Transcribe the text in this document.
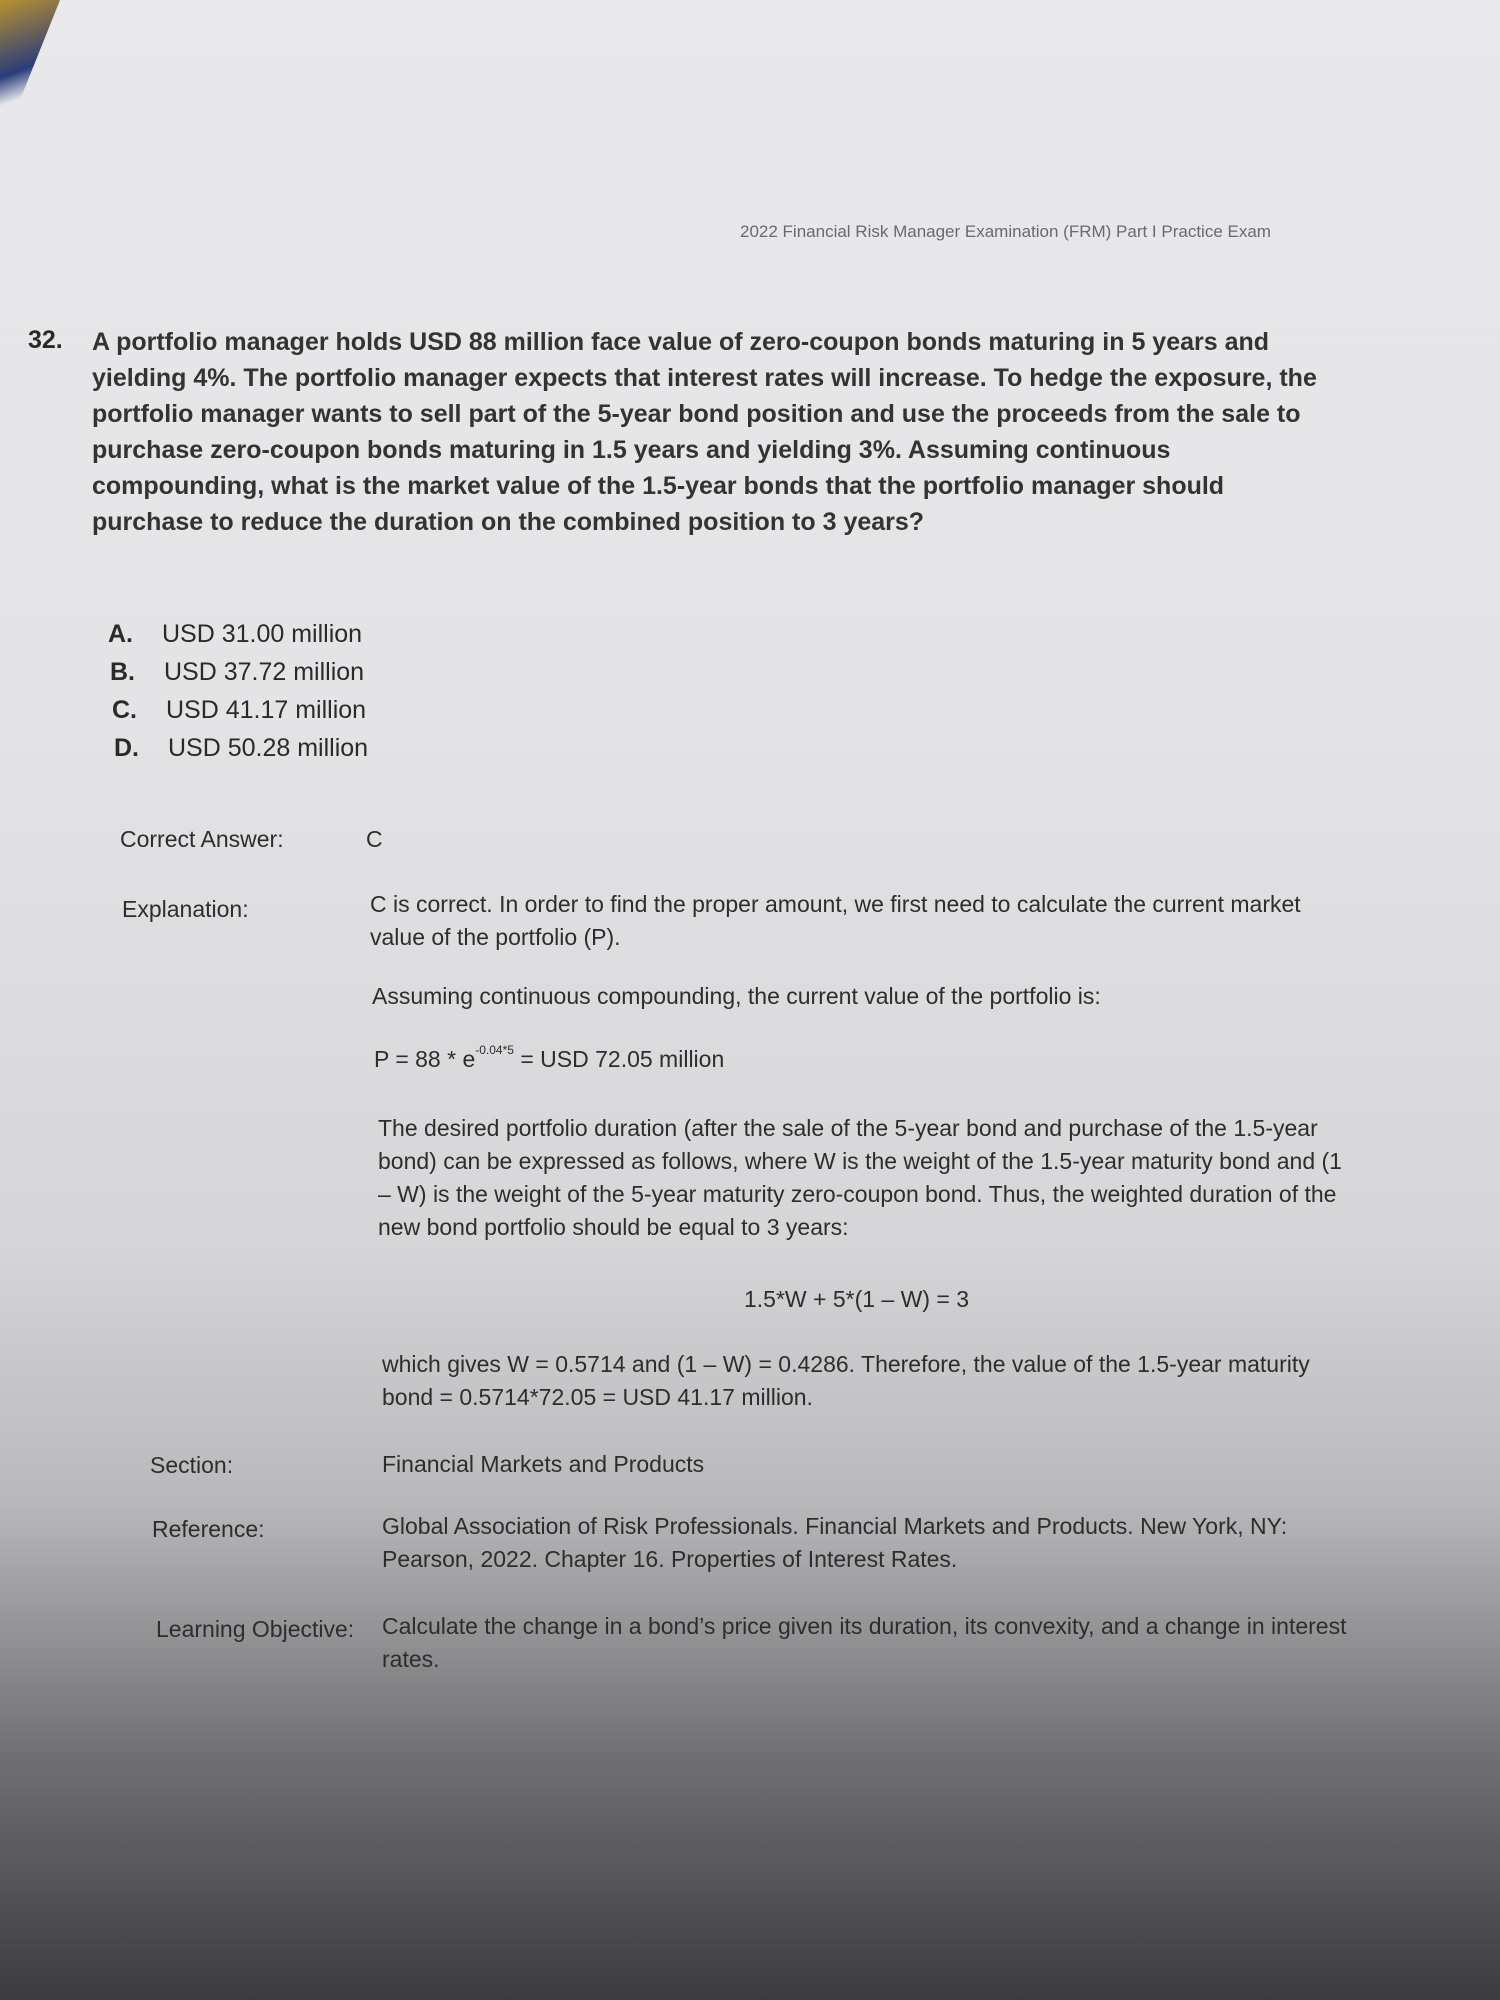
2022 Financial Risk Manager Examination (FRM) Part I Practice Exam
32. A portfolio manager holds USD 88 million face value of zero-coupon bonds maturing in 5 years and yielding 4%. The portfolio manager expects that interest rates will increase. To hedge the exposure, the portfolio manager wants to sell part of the 5-year bond position and use the proceeds from the sale to purchase zero-coupon bonds maturing in 1.5 years and yielding 3%. Assuming continuous compounding, what is the market value of the 1.5-year bonds that the portfolio manager should purchase to reduce the duration on the combined position to 3 years?
A. USD 31.00 million
B. USD 37.72 million
C. USD 41.17 million
D. USD 50.28 million
Correct Answer:	C
Explanation:	C is correct. In order to find the proper amount, we first need to calculate the current market value of the portfolio (P).
Assuming continuous compounding, the current value of the portfolio is:
$P = 88 * e^{-0.04*5}$ = USD 72.05 million
The desired portfolio duration (after the sale of the 5-year bond and purchase of the 1.5-year bond) can be expressed as follows, where W is the weight of the 1.5-year maturity bond and (1 – W) is the weight of the 5-year maturity zero-coupon bond. Thus, the weighted duration of the new bond portfolio should be equal to 3 years:
1.5*W + 5*(1 – W) = 3
which gives W = 0.5714 and (1 – W) = 0.4286. Therefore, the value of the 1.5-year maturity bond = 0.5714*72.05 = USD 41.17 million.
Section:	Financial Markets and Products
Reference:	Global Association of Risk Professionals. Financial Markets and Products. New York, NY: Pearson, 2022. Chapter 16. Properties of Interest Rates.
Learning Objective: Calculate the change in a bond’s price given its duration, its convexity, and a change in interest rates.
